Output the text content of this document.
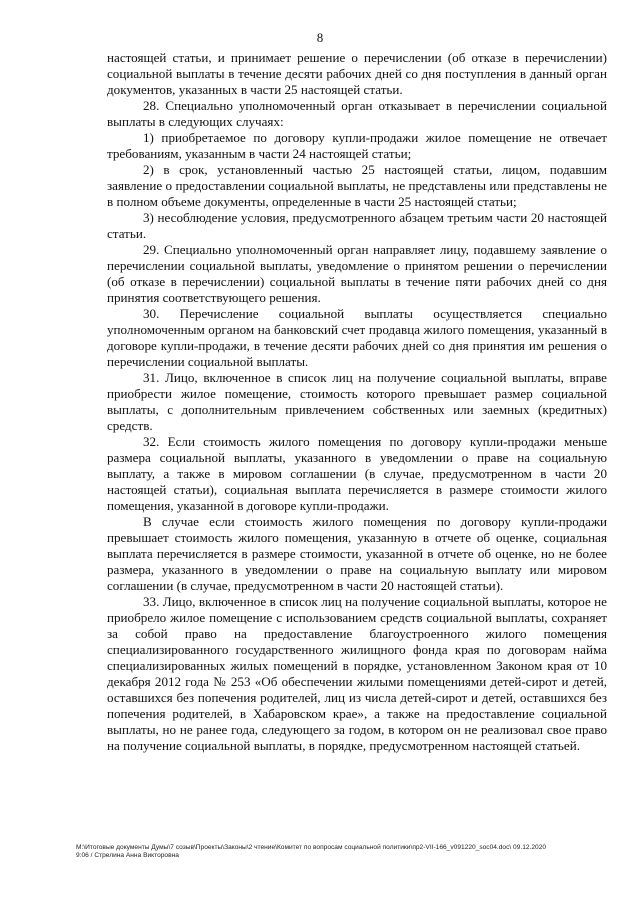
8

настоящей статьи, и принимает решение о перечислении (об отказе в перечислении) социальной выплаты в течение десяти рабочих дней со дня поступления в данный орган документов, указанных в части 25 настоящей статьи.

28. Специально уполномоченный орган отказывает в перечислении социальной выплаты в следующих случаях:

1) приобретаемое по договору купли-продажи жилое помещение не отвечает требованиям, указанным в части 24 настоящей статьи;

2) в срок, установленный частью 25 настоящей статьи, лицом, подавшим заявление о предоставлении социальной выплаты, не представлены или представлены не в полном объеме документы, определенные в части 25 настоящей статьи;

3) несоблюдение условия, предусмотренного абзацем третьим части 20 настоящей статьи.

29. Специально уполномоченный орган направляет лицу, подавшему заявление о перечислении социальной выплаты, уведомление о принятом решении о перечислении (об отказе в перечислении) социальной выплаты в течение пяти рабочих дней со дня принятия соответствующего решения.

30. Перечисление социальной выплаты осуществляется специально уполномоченным органом на банковский счет продавца жилого помещения, указанный в договоре купли-продажи, в течение десяти рабочих дней со дня принятия им решения о перечислении социальной выплаты.

31. Лицо, включенное в список лиц на получение социальной выплаты, вправе приобрести жилое помещение, стоимость которого превышает размер социальной выплаты, с дополнительным привлечением собственных или заемных (кредитных) средств.

32. Если стоимость жилого помещения по договору купли-продажи меньше размера социальной выплаты, указанного в уведомлении о праве на социальную выплату, а также в мировом соглашении (в случае, предусмотренном в части 20 настоящей статьи), социальная выплата перечисляется в размере стоимости жилого помещения, указанной в договоре купли-продажи.

В случае если стоимость жилого помещения по договору купли-продажи превышает стоимость жилого помещения, указанную в отчете об оценке, социальная выплата перечисляется в размере стоимости, указанной в отчете об оценке, но не более размера, указанного в уведомлении о праве на социальную выплату или мировом соглашении (в случае, предусмотренном в части 20 настоящей статьи).

33. Лицо, включенное в список лиц на получение социальной выплаты, которое не приобрело жилое помещение с использованием средств социальной выплаты, сохраняет за собой право на предоставление благоустроенного жилого помещения специализированного государственного жилищного фонда края по договорам найма специализированных жилых помещений в порядке, установленном Законом края от 10 декабря 2012 года № 253 «Об обеспечении жилыми помещениями детей-сирот и детей, оставшихся без попечения родителей, лиц из числа детей-сирот и детей, оставшихся без попечения родителей, в Хабаровском крае», а также на предоставление социальной выплаты, но не ранее года, следующего за годом, в котором он не реализовал свое право на получение социальной выплаты, в порядке, предусмотренном настоящей статьей.

М:\Итоговые документы Думы\7 созыв\Проекты\Законы\2 чтение\Комитет по вопросам социальной политики\пр2-VII-166_v091220_soc04.doc\ 09.12.2020
9:06 / Стрелина Анна Викторовна
